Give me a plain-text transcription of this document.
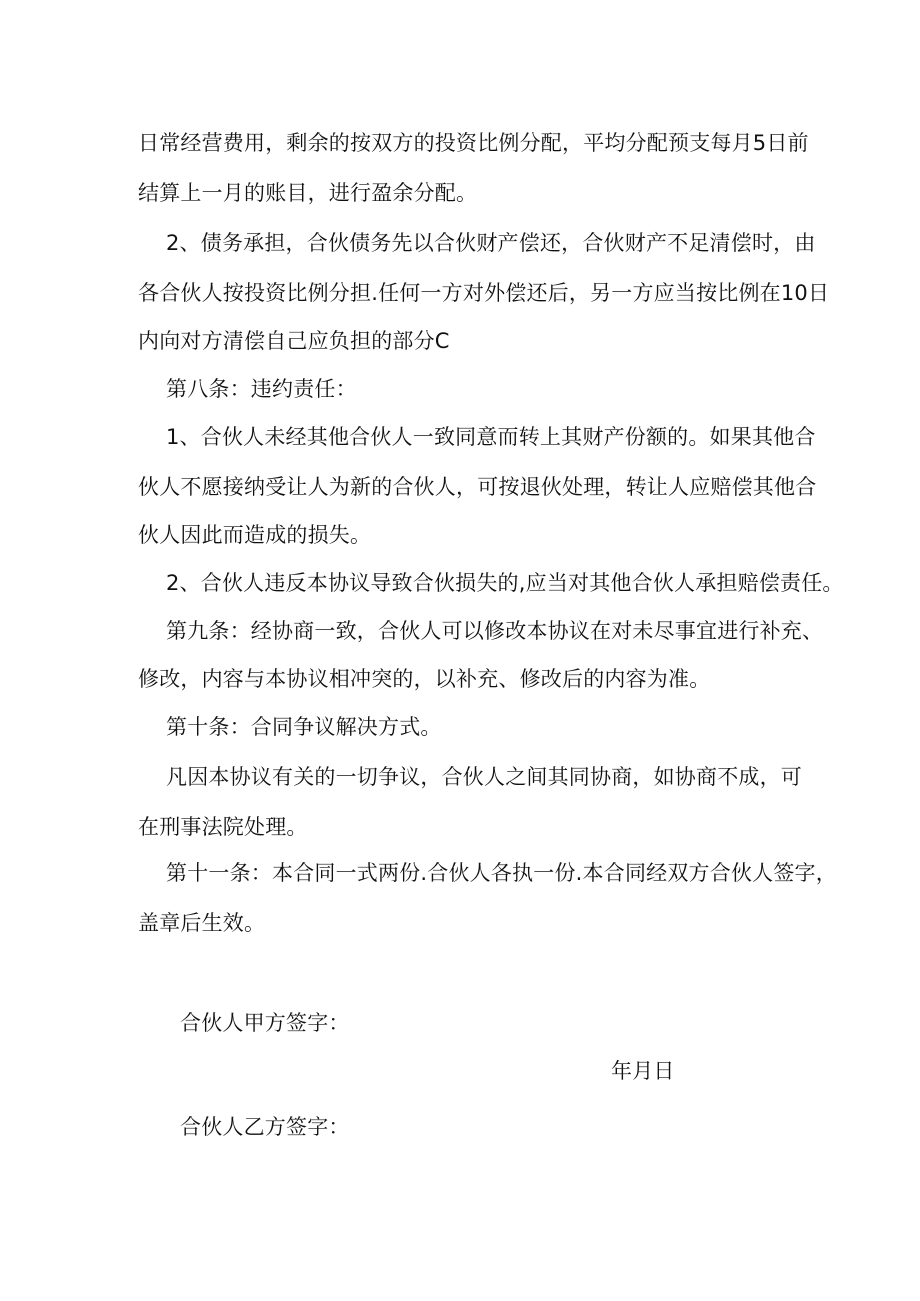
日常经营费用，剩余的按双方的投资比例分配，平均分配预支每月5日前
结算上一月的账目，进行盈余分配。
2、债务承担，合伙债务先以合伙财产偿还，合伙财产不足清偿时，由
各合伙人按投资比例分担.任何一方对外偿还后，另一方应当按比例在10日
内向对方清偿自己应负担的部分C
第八条：违约责任：
1、合伙人未经其他合伙人一致同意而转上其财产份额的。如果其他合
伙人不愿接纳受让人为新的合伙人，可按退伙处理，转让人应赔偿其他合
伙人因此而造成的损失。
2、合伙人违反本协议导致合伙损失的,应当对其他合伙人承担赔偿责任。
第九条：经协商一致，合伙人可以修改本协议在对未尽事宜进行补充、
修改，内容与本协议相冲突的，以补充、修改后的内容为准。
第十条：合同争议解决方式。
凡因本协议有关的一切争议，合伙人之间其同协商，如协商不成，可
在刑事法院处理。
第十一条：本合同一式两份.合伙人各执一份.本合同经双方合伙人签字，
盖章后生效。
合伙人甲方签字：
年月日
合伙人乙方签字：
